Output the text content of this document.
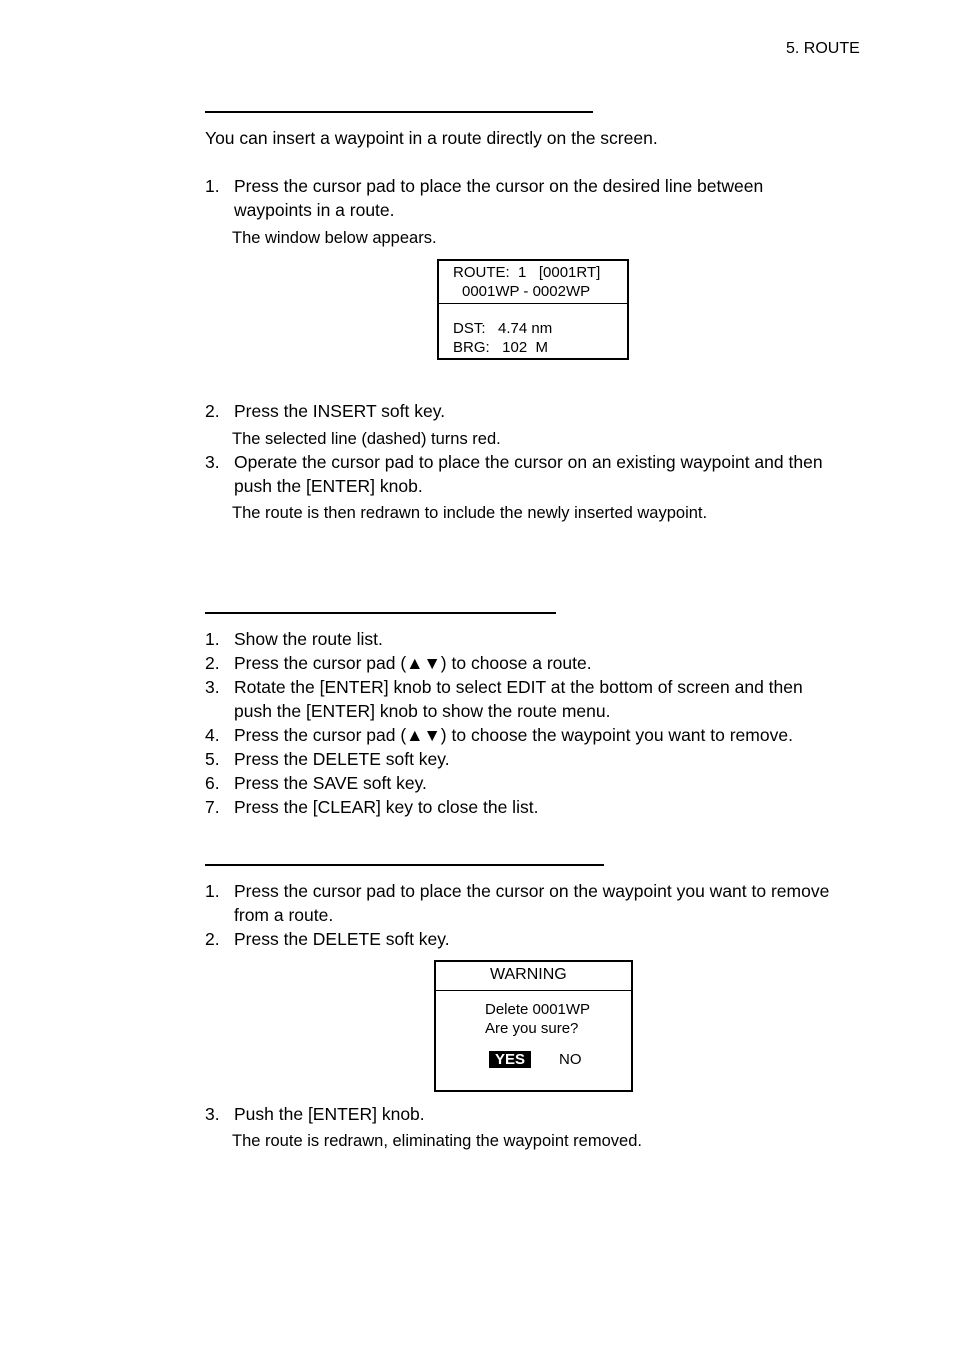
5. ROUTE
You can insert a waypoint in a route directly on the screen.
1. Press the cursor pad to place the cursor on the desired line between
waypoints in a route.
The window below appears.
ROUTE:  1   [0001RT]
0001WP - 0002WP
DST:   4.74 nm
BRG:   102  M
2. Press the INSERT soft key.
The selected line (dashed) turns red.
3. Operate the cursor pad to place the cursor on an existing waypoint and then
push the [ENTER] knob.
The route is then redrawn to include the newly inserted waypoint.
1. Show the route list.
2. Press the cursor pad (▲▼) to choose a route.
3. Rotate the [ENTER] knob to select EDIT at the bottom of screen and then
push the [ENTER] knob to show the route menu.
4. Press the cursor pad (▲▼) to choose the waypoint you want to remove.
5. Press the DELETE soft key.
6. Press the SAVE soft key.
7. Press the [CLEAR] key to close the list.
1. Press the cursor pad to place the cursor on the waypoint you want to remove
from a route.
2. Press the DELETE soft key.
WARNING
Delete 0001WP
Are you sure?
YES	NO
3. Push the [ENTER] knob.
The route is redrawn, eliminating the waypoint removed.
